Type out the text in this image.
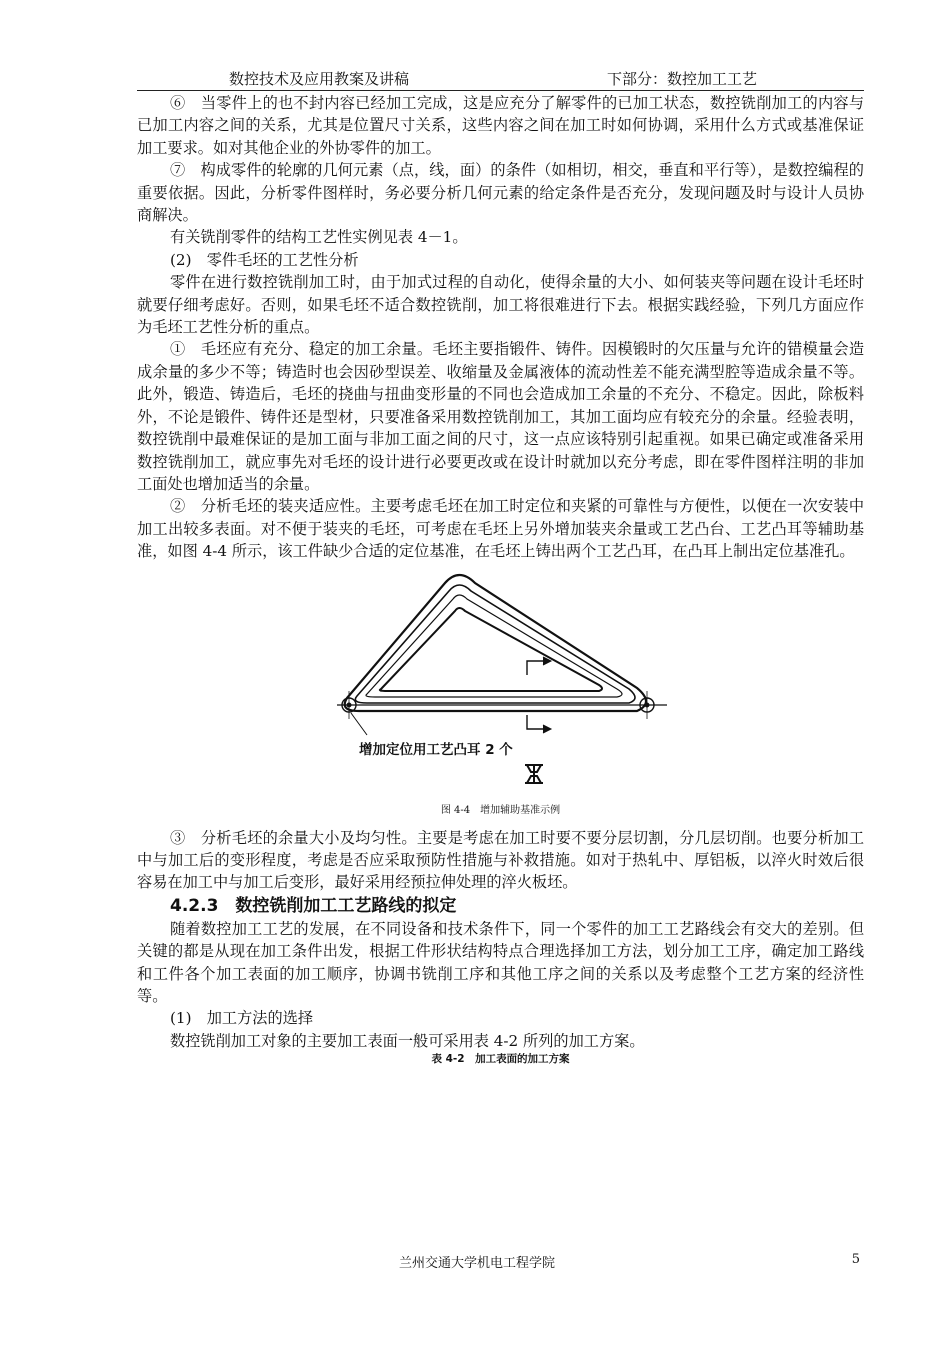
数控技术及应用教案及讲稿	下部分：数控加工工艺

⑥　当零件上的也不封内容已经加工完成，这是应充分了解零件的已加工状态，数控铣削加工的内容与已加工内容之间的关系，尤其是位置尺寸关系，这些内容之间在加工时如何协调，采用什么方式或基准保证加工要求。如对其他企业的外协零件的加工。

⑦　构成零件的轮廓的几何元素（点，线，面）的条件（如相切，相交，垂直和平行等），是数控编程的重要依据。因此，分析零件图样时，务必要分析几何元素的给定条件是否充分，发现问题及时与设计人员协商解决。

有关铣削零件的结构工艺性实例见表 4－1。

(2)　零件毛坯的工艺性分析

零件在进行数控铣削加工时，由于加式过程的自动化，使得余量的大小、如何装夹等问题在设计毛坯时就要仔细考虑好。否则，如果毛坯不适合数控铣削，加工将很难进行下去。根据实践经验，下列几方面应作为毛坯工艺性分析的重点。

①　毛坯应有充分、稳定的加工余量。毛坯主要指锻件、铸件。因模锻时的欠压量与允许的错模量会造成余量的多少不等；铸造时也会因砂型误差、收缩量及金属液体的流动性差不能充满型腔等造成余量不等。此外，锻造、铸造后，毛坯的挠曲与扭曲变形量的不同也会造成加工余量的不充分、不稳定。因此，除板料外，不论是锻件、铸件还是型材，只要准备采用数控铣削加工，其加工面均应有较充分的余量。经验表明，数控铣削中最难保证的是加工面与非加工面之间的尺寸，这一点应该特别引起重视。如果已确定或准备采用数控铣削加工，就应事先对毛坯的设计进行必要更改或在设计时就加以充分考虑，即在零件图样注明的非加工面处也增加适当的余量。

②　分析毛坯的装夹适应性。主要考虑毛坯在加工时定位和夹紧的可靠性与方便性，以便在一次安装中加工出较多表面。对不便于装夹的毛坯，可考虑在毛坯上另外增加装夹余量或工艺凸台、工艺凸耳等辅助基准，如图 4-4 所示，该工件缺少合适的定位基准，在毛坯上铸出两个工艺凸耳，在凸耳上制出定位基准孔。

增加定位用工艺凸耳 2 个
图 4-4　增加辅助基准示例

③　分析毛坯的余量大小及均匀性。主要是考虑在加工时要不要分层切割，分几层切削。也要分析加工中与加工后的变形程度，考虑是否应采取预防性措施与补救措施。如对于热轧中、厚铝板，以淬火时效后很容易在加工中与加工后变形，最好采用经预拉伸处理的淬火板坯。

4.2.3　数控铣削加工工艺路线的拟定

随着数控加工工艺的发展，在不同设备和技术条件下，同一个零件的加工工艺路线会有交大的差别。但关键的都是从现在加工条件出发，根据工件形状结构特点合理选择加工方法，划分加工工序，确定加工路线和工件各个加工表面的加工顺序，协调书铣削工序和其他工序之间的关系以及考虑整个工艺方案的经济性等。

(1)　加工方法的选择

数控铣削加工对象的主要加工表面一般可采用表 4-2 所列的加工方案。

表 4-2　加工表面的加工方案
兰州交通大学机电工程学院	5
